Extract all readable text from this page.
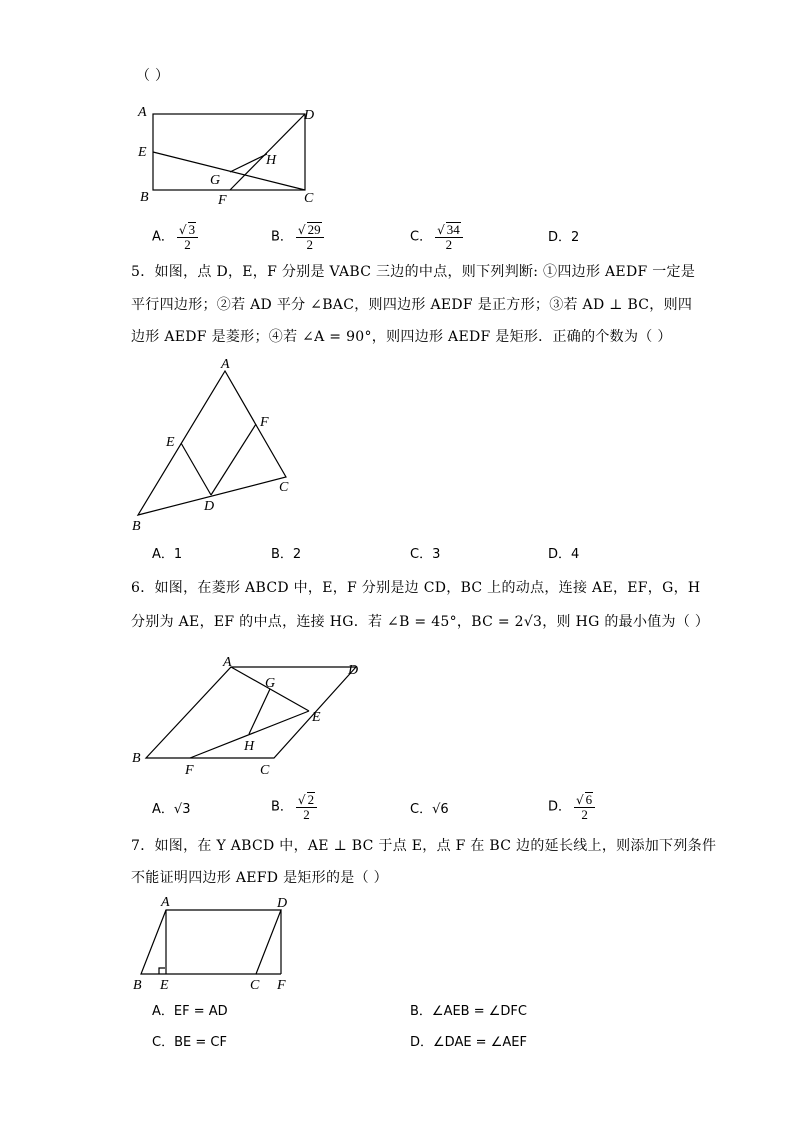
（ ）
A	D
E
B	C
F
G
H
A． $\frac{√ 3}{2}$	B． $\frac{√ 29}{2}$	C． $\frac{√ 34}{2}$	D．2
5．如图，点 D，E，F 分别是 VABC 三边的中点，则下列判断: ①四边形 AEDF 一定是
平行四边形；②若 AD 平分 ∠BAC，则四边形 AEDF 是正方形；③若 AD ⊥ BC，则四
边形 AEDF 是菱形；④若 ∠A = 90°，则四边形 AEDF 是矩形．正确的个数为（ ）
A
B
C
D
E
F
A．1	B．2	C．3	D．4
6．如图，在菱形 ABCD 中，E，F 分别是边 CD，BC 上的动点，连接 AE，EF，G，H
分别为 AE，EF 的中点，连接 HG．若 ∠B = 45°，BC = 2√3，则 HG 的最小值为（ ）
A
D
G
E
H
B
F	C
A．√3	B． $\frac{√ 2}{2}$	C．√6	D． $\frac{√ 6}{2}$
7．如图，在 Y ABCD 中，AE ⊥ BC 于点 E，点 F 在 BC 边的延长线上，则添加下列条件
不能证明四边形 AEFD 是矩形的是（ ）
A	D
B E	C F
A．EF = AD	B．∠AEB = ∠DFC
C．BE = CF	D．∠DAE = ∠AEF
